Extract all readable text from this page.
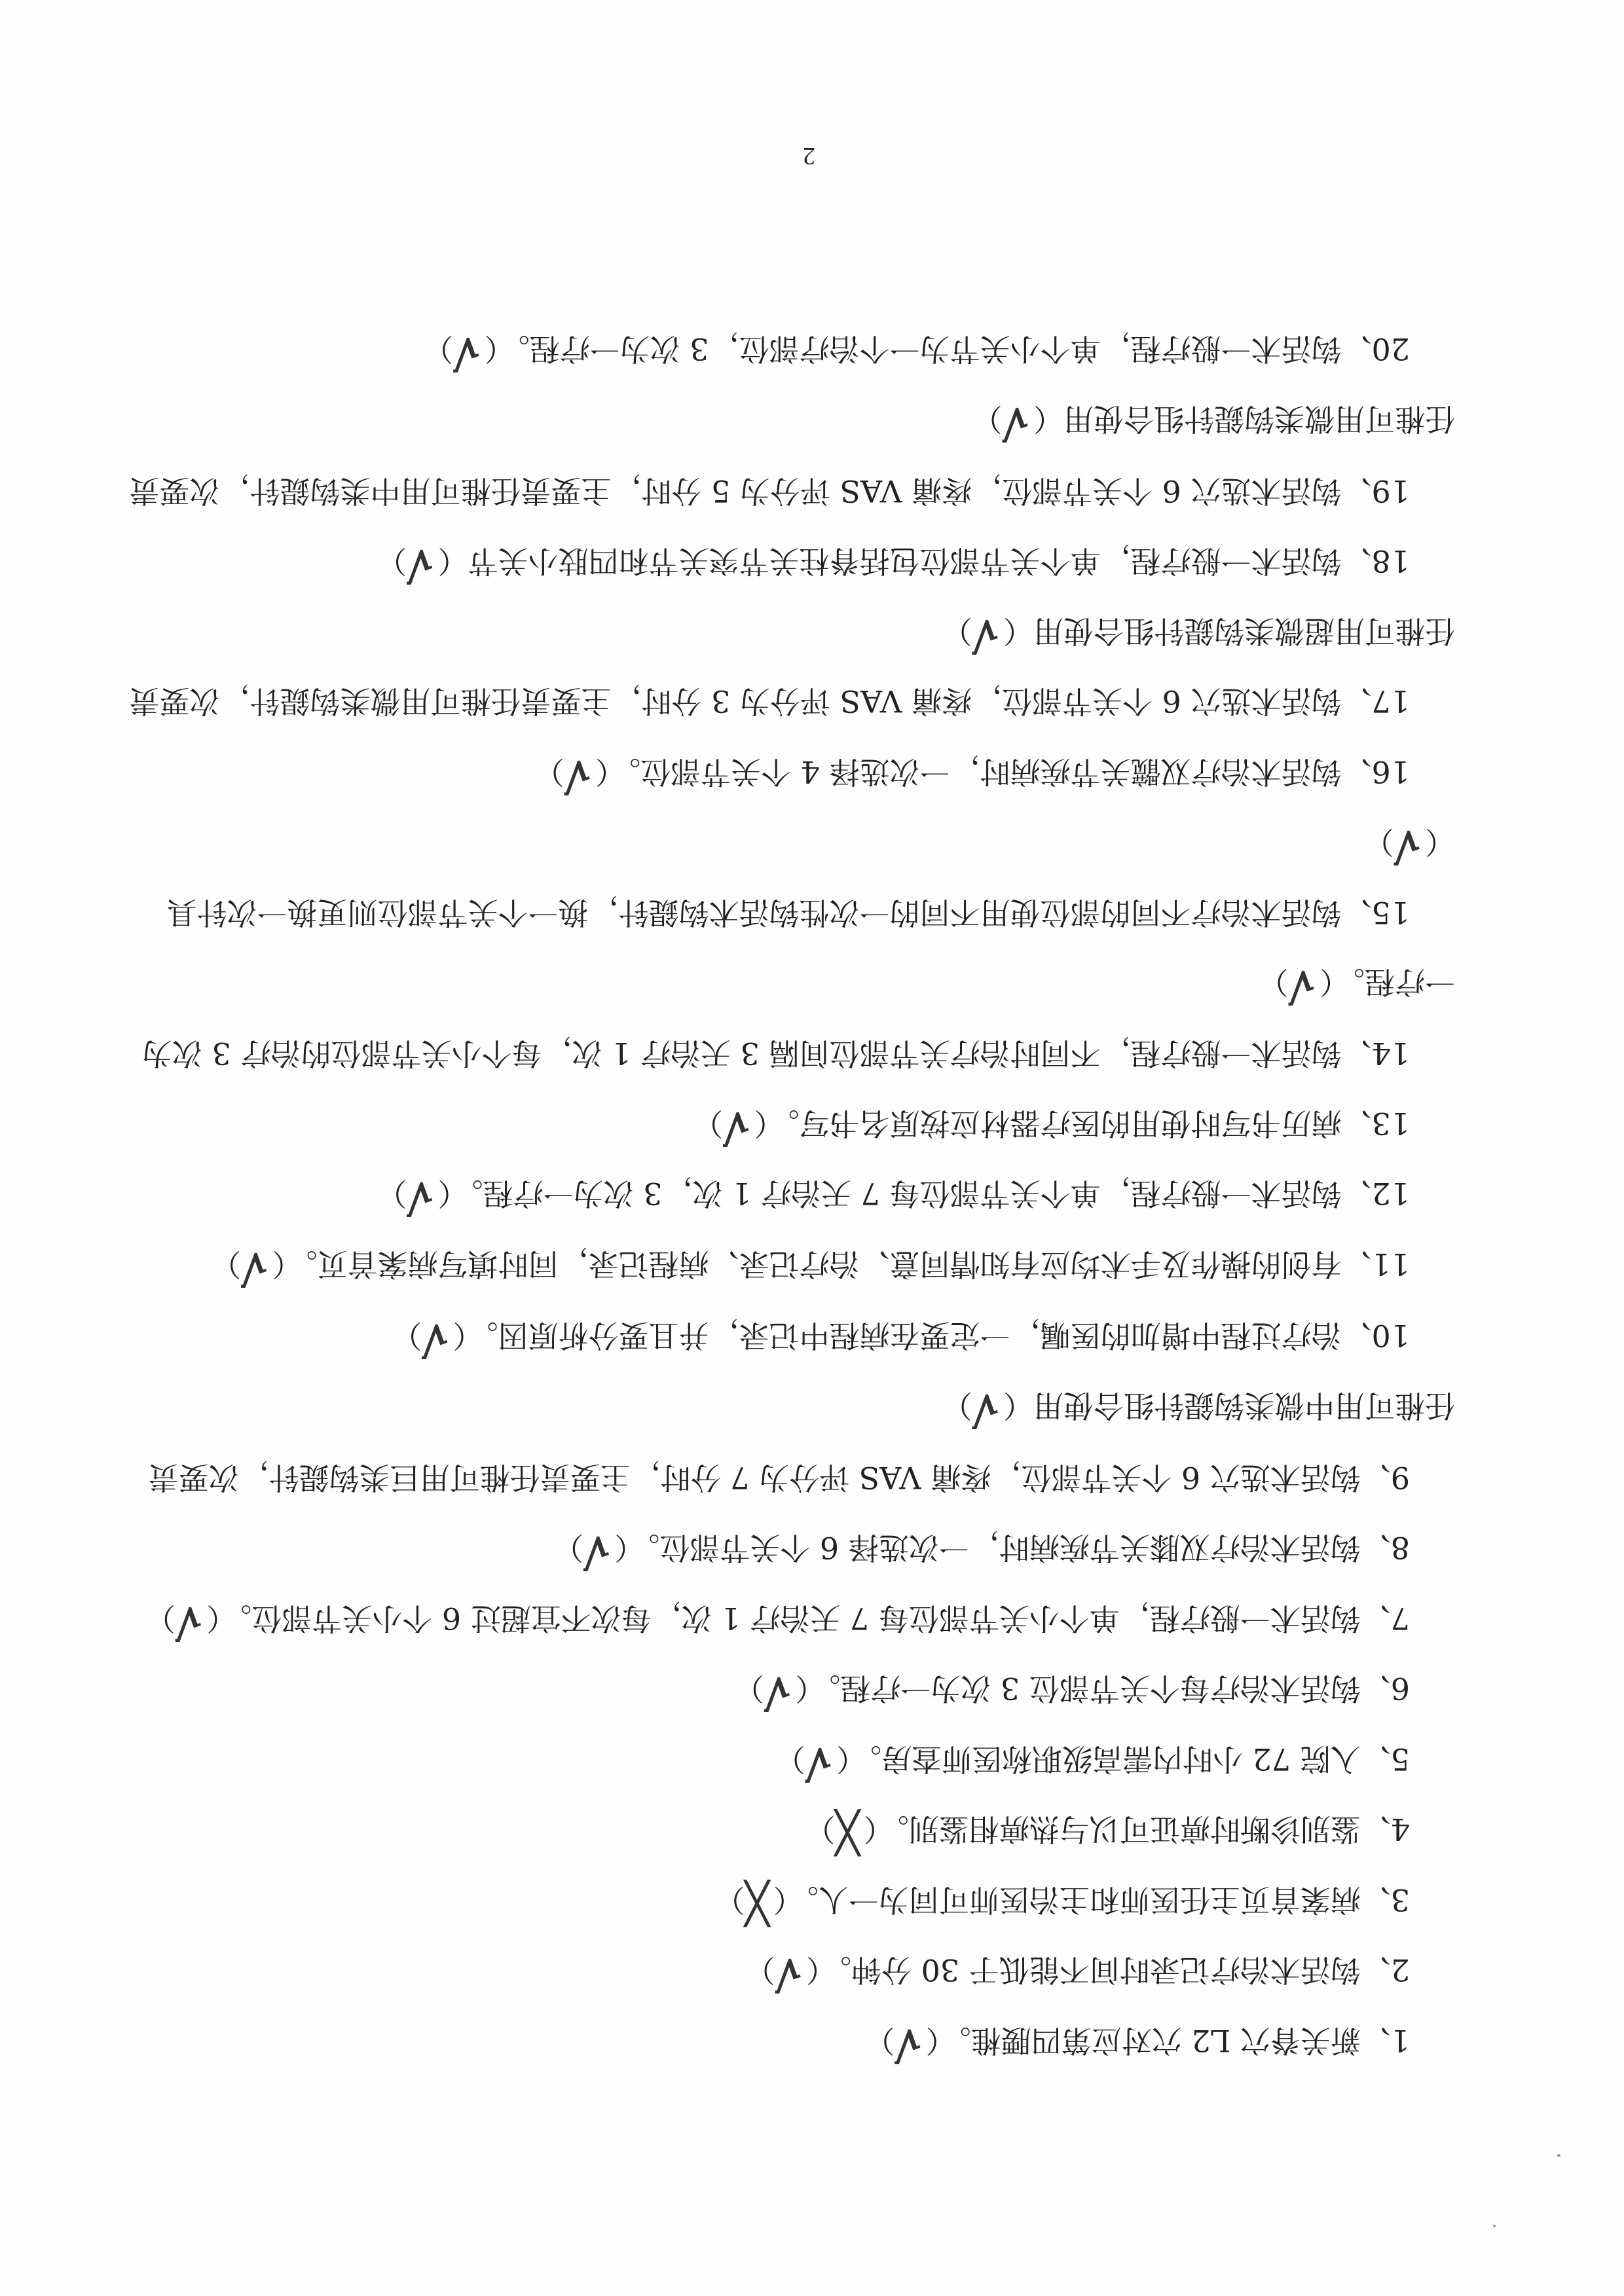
1、新关脊穴 L2 穴对应第四腰椎。（√）
2、钩活术治疗记录时间不能低于 30 分钟。（√）
3、病案首页主任医师和主治医师可同为一人。（╳）
4、鉴别诊断时痹证可以与热痹相鉴别。（╳）
5、入院 72 小时内需高级职称医师查房。（√）
6、钩活术治疗每个关节部位 3 次为一疗程。（√）
7、钩活术一般疗程，单个小关节部位每 7 天治疗 1 次，每次不宜超过 6 个小关节部位。（√）
8、钩活术治疗双膝关节疾病时，一次选择 6 个关节部位。（√）
9、钩活术选穴 6 个关节部位，疼痛 VAS 评分为 7 分时，主要责任椎可用巨类钩鍉针，次要责
任椎可用中微类钩鍉针组合使用（√）
10、治疗过程中增加的医嘱，一定要在病程中记录，并且要分析原因。（√）
11、有创的操作及手术均应有知情同意、治疗记录、病程记录，同时填写病案首页。（√）
12、钩活术一般疗程，单个关节部位每 7 天治疗 1 次，3 次为一疗程。（√）
13、病历书写时使用的医疗器材应按原名书写。（√）
14、钩活术一般疗程，不同时治疗关节部位间隔 3 天治疗 1 次，每个小关节部位的治疗 3 次为
一疗程。（√）
15、钩活术治疗不同的部位使用不同的一次性钩活术钩鍉针，换一个关节部位则更换一次针具
（√）
16、钩活术治疗双髋关节疾病时，一次选择 4 个关节部位。（√）
17、钩活术选穴 6 个关节部位，疼痛 VAS 评分为 3 分时，主要责任椎可用微类钩鍉针，次要责
任椎可用超微类钩鍉针组合使用（√）
18、钩活术一般疗程，单个关节部位包括脊柱关节突关节和四肢小关节（√）
19、钩活术选穴 6 个关节部位，疼痛 VAS 评分为 5 分时，主要责任椎可用中类钩鍉针，次要责
任椎可用微类钩鍉针组合使用（√）
20、钩活术一般疗程，单个小关节为一个治疗部位，3 次为一疗程。（√）
2
